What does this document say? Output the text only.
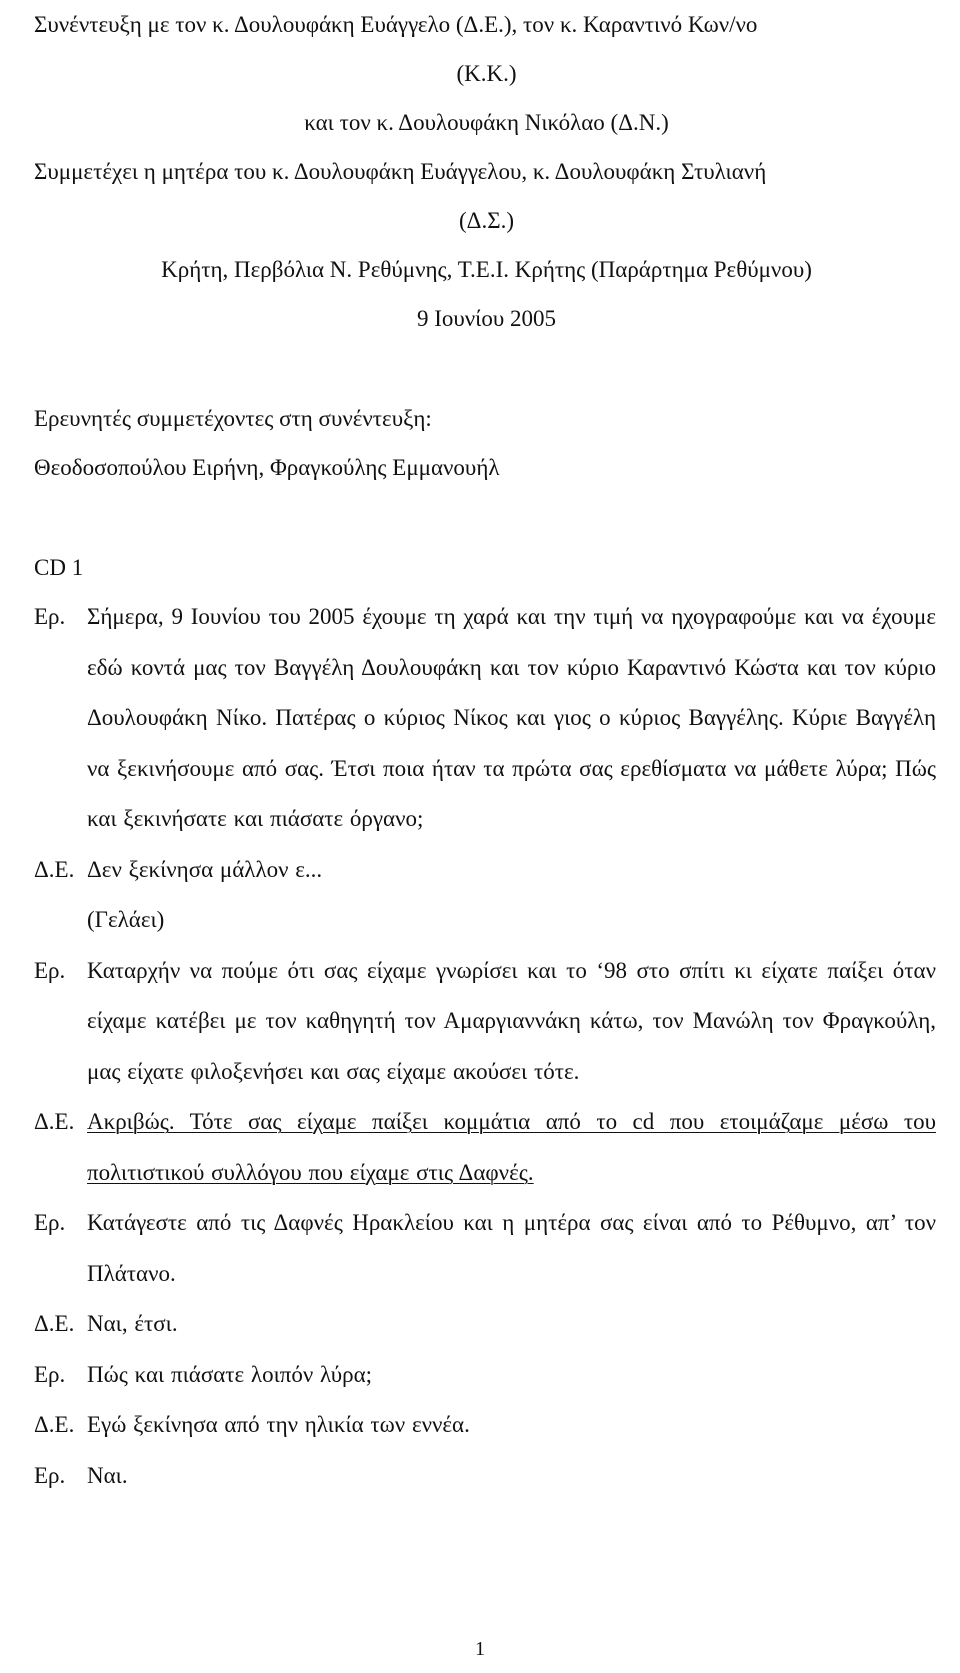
Συνέντευξη με τον κ. Δουλουφάκη Ευάγγελο (Δ.Ε.), τον κ. Καραντινό Κων/νο
(Κ.Κ.)
και τον κ. Δουλουφάκη Νικόλαο (Δ.Ν.)
Συμμετέχει η μητέρα του κ. Δουλουφάκη Ευάγγελου, κ. Δουλουφάκη Στυλιανή
(Δ.Σ.)
Κρήτη, Περβόλια Ν. Ρεθύμνης, Τ.Ε.Ι. Κρήτης (Παράρτημα Ρεθύμνου)
9 Ιουνίου 2005
Ερευνητές συμμετέχοντες στη συνέντευξη:
Θεοδοσοπούλου Ειρήνη, Φραγκούλης Εμμανουήλ
CD 1
Ερ. Σήμερα, 9 Ιουνίου του 2005 έχουμε τη χαρά και την τιμή να ηχογραφούμε και να έχουμε εδώ κοντά μας τον Βαγγέλη Δουλουφάκη και τον κύριο Καραντινό Κώστα και τον κύριο Δουλουφάκη Νίκο. Πατέρας ο κύριος Νίκος και γιος ο κύριος Βαγγέλης. Κύριε Βαγγέλη να ξεκινήσουμε από σας. Έτσι ποια ήταν τα πρώτα σας ερεθίσματα να μάθετε λύρα; Πώς και ξεκινήσατε και πιάσατε όργανο;
Δ.Ε. Δεν ξεκίνησα μάλλον ε...
(Γελάει)
Ερ. Καταρχήν να πούμε ότι σας είχαμε γνωρίσει και το ‘98 στο σπίτι κι είχατε παίξει όταν είχαμε κατέβει με τον καθηγητή τον Αμαργιαννάκη κάτω, τον Μανώλη τον Φραγκούλη, μας είχατε φιλοξενήσει και σας είχαμε ακούσει τότε.
Δ.Ε. Ακριβώς. Τότε σας είχαμε παίξει κομμάτια από το cd που ετοιμάζαμε μέσω του πολιτιστικού συλλόγου που είχαμε στις Δαφνές.
Ερ. Κατάγεστε από τις Δαφνές Ηρακλείου και η μητέρα σας είναι από το Ρέθυμνο, απ’ τον Πλάτανο.
Δ.Ε. Ναι, έτσι.
Ερ. Πώς και πιάσατε λοιπόν λύρα;
Δ.Ε. Εγώ ξεκίνησα από την ηλικία των εννέα.
Ερ. Ναι.
1
